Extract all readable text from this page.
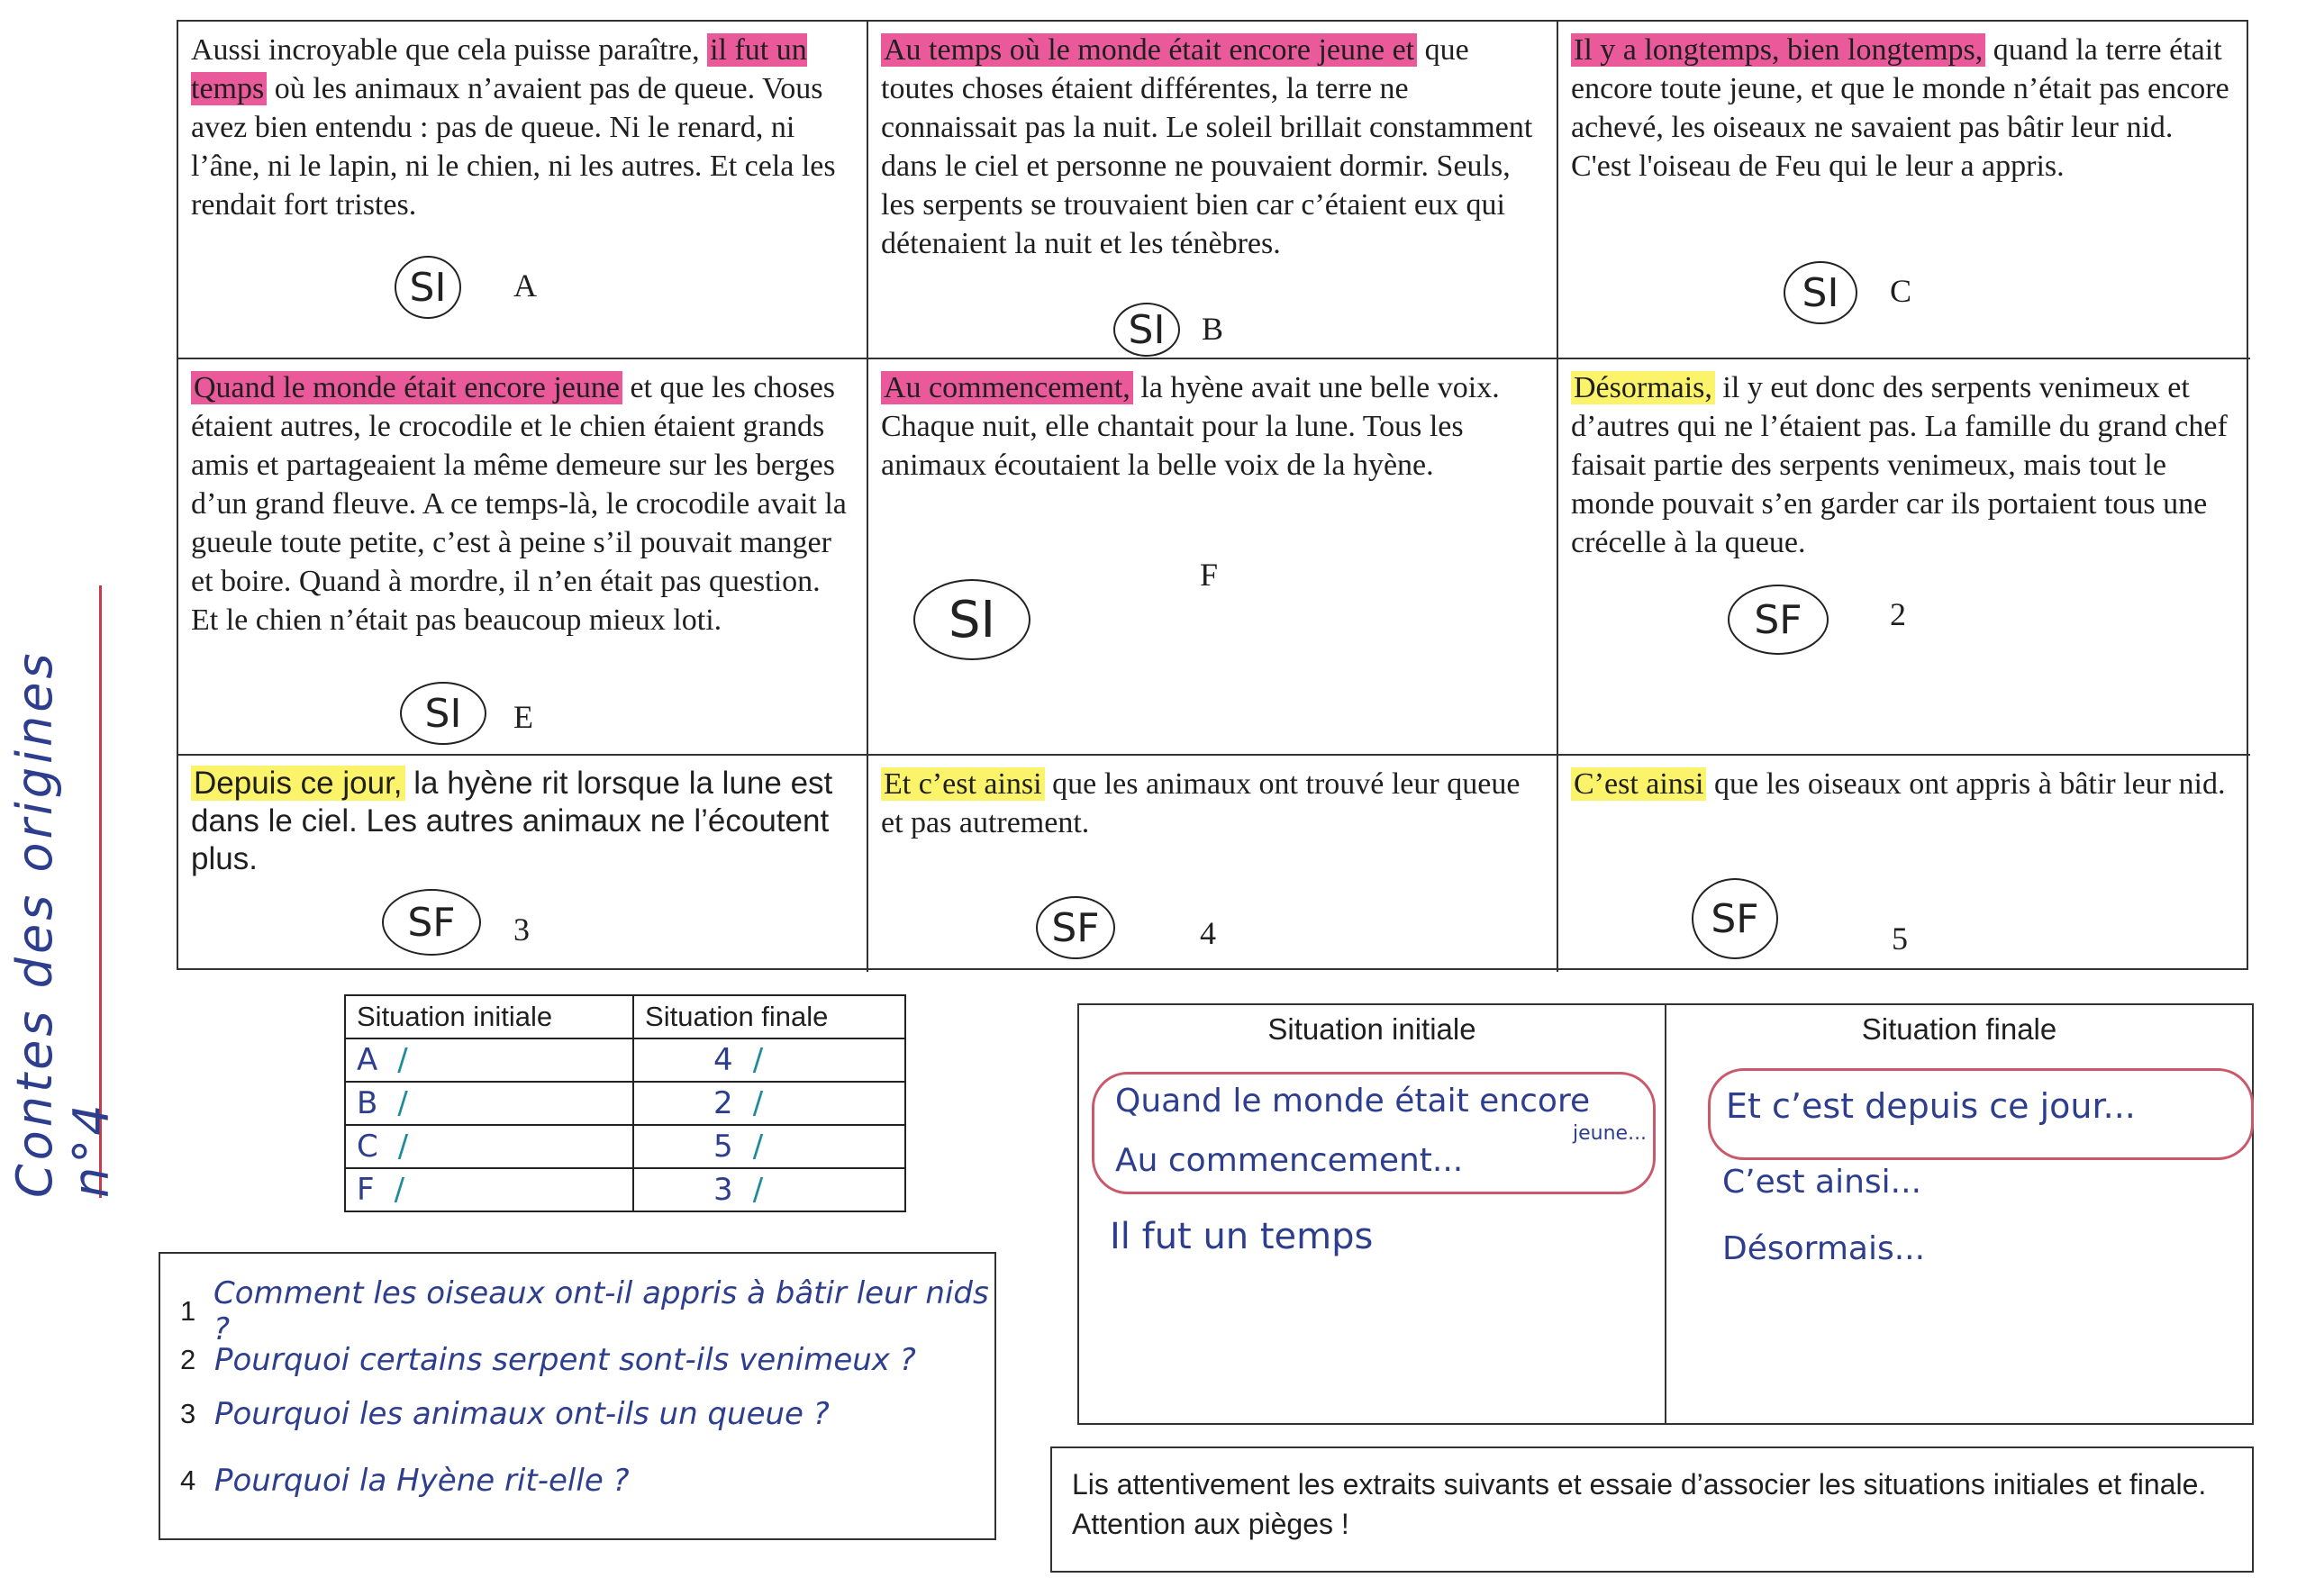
Aussi incroyable que cela puisse paraître, il fut un temps où les animaux n’avaient pas de queue. Vous avez bien entendu : pas de queue. Ni le renard, ni l’âne, ni le lapin, ni le chien, ni les autres. Et cela les rendait fort tristes.
SI	A
Au temps où le monde était encore jeune et que toutes choses étaient différentes, la terre ne connaissait pas la nuit. Le soleil brillait constamment dans le ciel et personne ne pouvaient dormir. Seuls, les serpents se trouvaient bien car c’étaient eux qui détenaient la nuit et les ténèbres.
SI	B
Il y a longtemps, bien longtemps, quand la terre était encore toute jeune, et que le monde n’était pas encore achevé, les oiseaux ne savaient pas bâtir leur nid. C'est l'oiseau de Feu qui le leur a appris.
SI	C
Quand le monde était encore jeune et que les choses étaient autres, le crocodile et le chien étaient grands amis et partageaient la même demeure sur les berges d’un grand fleuve. A ce temps-là, le crocodile avait la gueule toute petite, c’est à peine s’il pouvait manger et boire. Quand à mordre, il n’en était pas question. Et le chien n’était pas beaucoup mieux loti.
SI	E

Au commencement, la hyène avait une belle voix.

Chaque nuit, elle chantait pour la lune. Tous les animaux écoutaient la belle voix de la hyène.

SI
F
Désormais, il y eut donc des serpents venimeux et d’autres qui ne l’étaient pas. La famille du grand chef faisait partie des serpents venimeux, mais tout le monde pouvait s’en garder car ils portaient tous une crécelle à la queue.
SF	2
Depuis ce jour, la hyène rit lorsque la lune est dans le ciel. Les autres animaux ne l’écoutent plus.
SF	3
Et c’est ainsi que les animaux ont trouvé leur queue et pas autrement.
SF	4
C’est ainsi que les oiseaux ont appris à bâtir leur nid.
SF	5
Contes des origines n°4
Situation initiale	Situation finale
A /	4 /
B /	2 /
C /	5 /
F /	3 /
1 Comment les oiseaux ont-il appris à bâtir leur nids ?
2 Pourquoi certains serpent sont-ils venimeux ?
3 Pourquoi les animaux ont-ils un queue ?
4 Pourquoi la Hyène rit-elle ?
Situation initiale
Quand le monde était encore
jeune...
Au commencement...
Il fut un temps
Situation finale
Et c’est depuis ce jour...
C’est ainsi...
Désormais...
Lis attentivement les extraits suivants et essaie d’associer les situations initiales et finale. Attention aux pièges !
